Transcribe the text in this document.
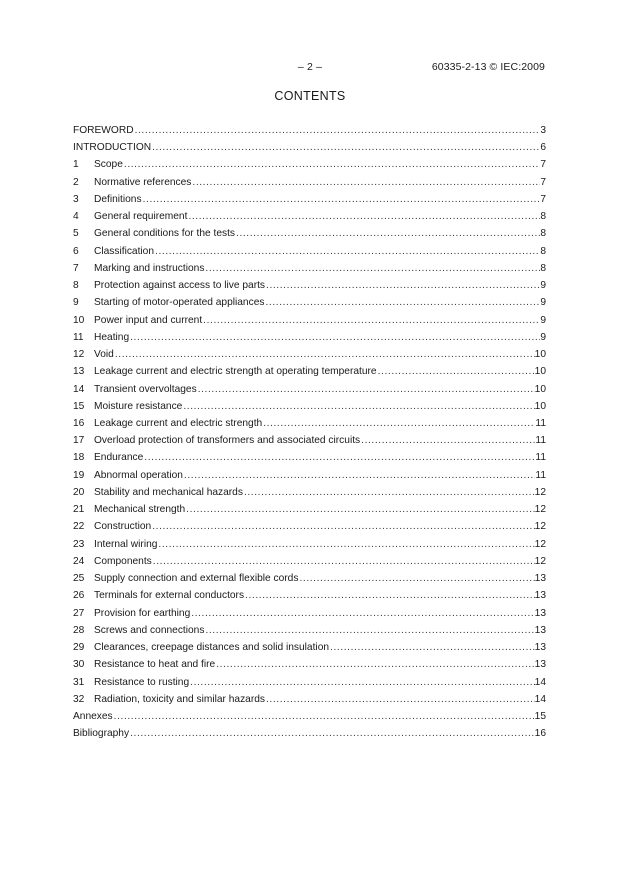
– 2 –	60335-2-13 © IEC:2009
CONTENTS
FOREWORD .....	3
INTRODUCTION .....	6
1	Scope .....	7
2	Normative references .....	7
3	Definitions .....	7
4	General requirement .....	8
5	General conditions for the tests .....	8
6	Classification .....	8
7	Marking and instructions .....	8
8	Protection against access to live parts .....	9
9	Starting of motor-operated appliances .....	9
10 Power input and current .....	9
11	Heating .....	9
12 Void .....	10
13 Leakage current and electric strength at operating temperature .....	10
14 Transient overvoltages .....	10
15 Moisture resistance .....	10
16 Leakage current and electric strength .....	11
17 Overload protection of transformers and associated circuits .....	11
18 Endurance .....	11
19 Abnormal operation .....	11
20 Stability and mechanical hazards .....	12
21 Mechanical strength .....	12
22 Construction .....	12
23 Internal wiring .....	12
24 Components .....	12
25 Supply connection and external flexible cords .....	13
26 Terminals for external conductors .....	13
27 Provision for earthing .....	13
28 Screws and connections .....	13
29 Clearances, creepage distances and solid insulation .....	13
30 Resistance to heat and fire .....	13
31 Resistance to rusting .....	14
32 Radiation, toxicity and similar hazards .....	14
Annexes .....	15
Bibliography .....	16
